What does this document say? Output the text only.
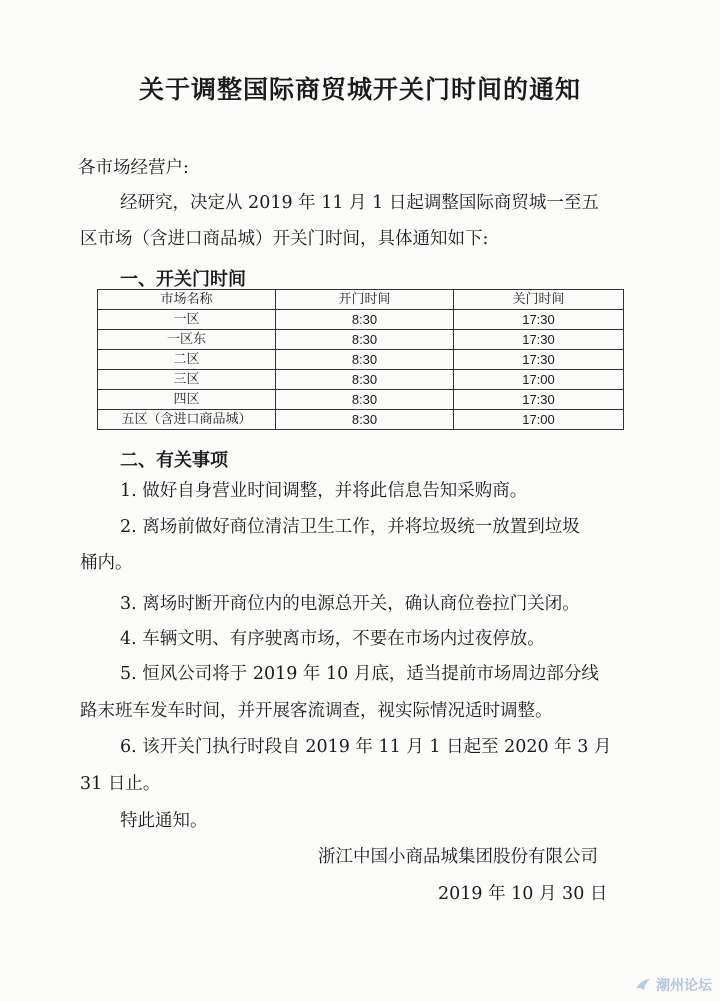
关于调整国际商贸城开关门时间的通知
各市场经营户:
经研究，决定从 2019 年 11 月 1 日起调整国际商贸城一至五
区市场（含进口商品城）开关门时间，具体通知如下:
一、开关门时间
市场名称	开门时间	关门时间
一区	8:30	17:30
一区东	8:30	17:30
二区	8:30	17:30
三区	8:30	17:00
四区	8:30	17:30
五区（含进口商品城）	8:30	17:00
二、有关事项
1. 做好自身营业时间调整，并将此信息告知采购商。
2. 离场前做好商位清洁卫生工作，并将垃圾统一放置到垃圾
桶内。
3. 离场时断开商位内的电源总开关，确认商位卷拉门关闭。
4. 车辆文明、有序驶离市场，不要在市场内过夜停放。
5. 恒风公司将于 2019 年 10 月底，适当提前市场周边部分线
路末班车发车时间，并开展客流调查，视实际情况适时调整。
6. 该开关门执行时段自 2019 年 11 月 1 日起至 2020 年 3 月
31 日止。
特此通知。
浙江中国小商品城集团股份有限公司
2019 年 10 月 30 日
潮州论坛
